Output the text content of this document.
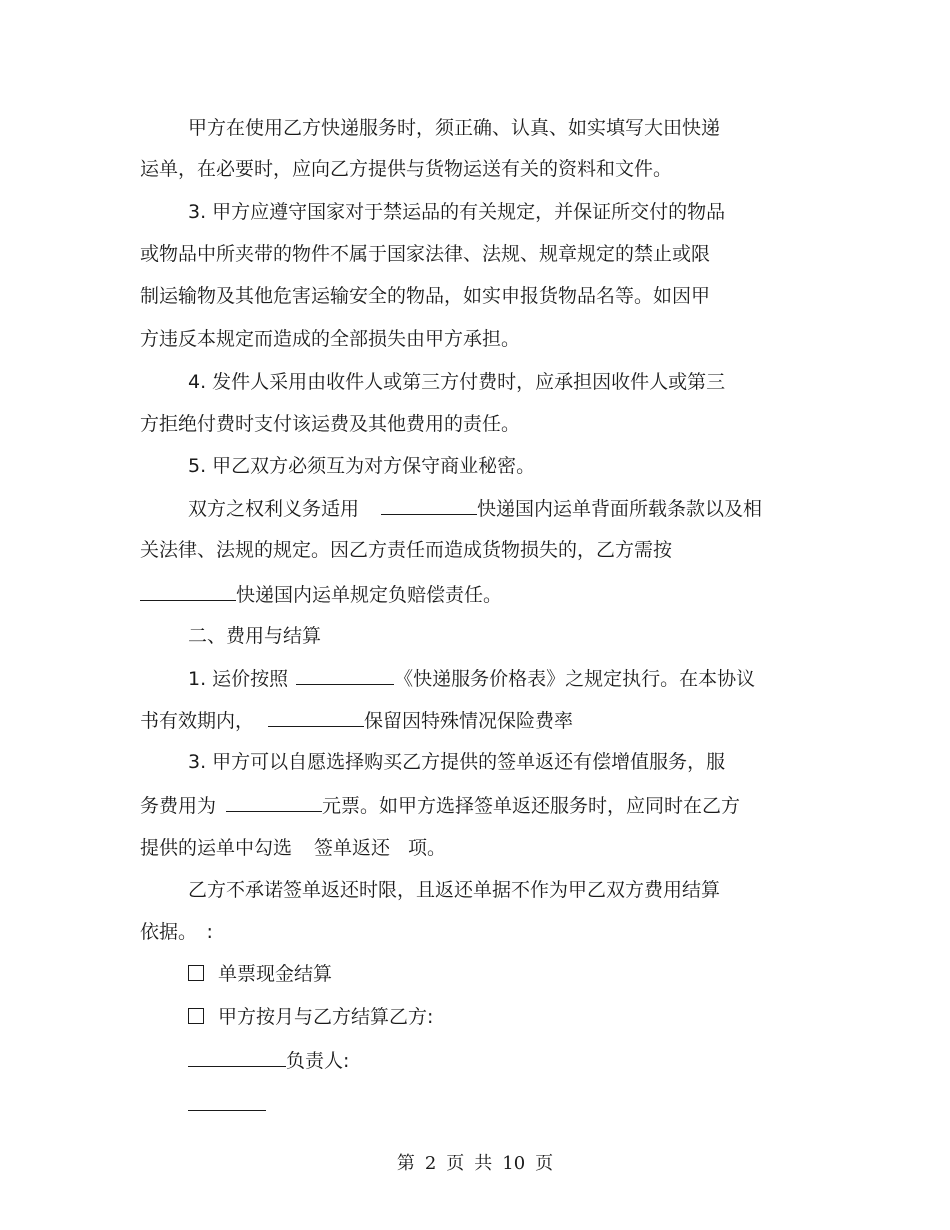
甲方在使用乙方快递服务时，须正确、认真、如实填写大田快递
运单，在必要时，应向乙方提供与货物运送有关的资料和文件。
3. 甲方应遵守国家对于禁运品的有关规定，并保证所交付的物品
或物品中所夹带的物件不属于国家法律、法规、规章规定的禁止或限
制运输物及其他危害运输安全的物品，如实申报货物品名等。如因甲
方违反本规定而造成的全部损失由甲方承担。
4. 发件人采用由收件人或第三方付费时，应承担因收件人或第三
方拒绝付费时支付该运费及其他费用的责任。
5. 甲乙双方必须互为对方保守商业秘密。
双方之权利义务适用	快递国内运单背面所载条款以及相
关法律、法规的规定。因乙方责任而造成货物损失的，乙方需按
快递国内运单规定负赔偿责任。
二、费用与结算
1. 运价按照	《快递服务价格表》之规定执行。在本协议
书有效期内，	保留因特殊情况保险费率
3. 甲方可以自愿选择购买乙方提供的签单返还有偿增值服务，服
务费用为	元票。如甲方选择签单返还服务时，应同时在乙方
提供的运单中勾选 签单返还 项。
乙方不承诺签单返还时限，且返还单据不作为甲乙双方费用结算
依据。　:
单票现金结算
甲方按月与乙方结算乙方:
负责人:
第 2 页 共 10 页
